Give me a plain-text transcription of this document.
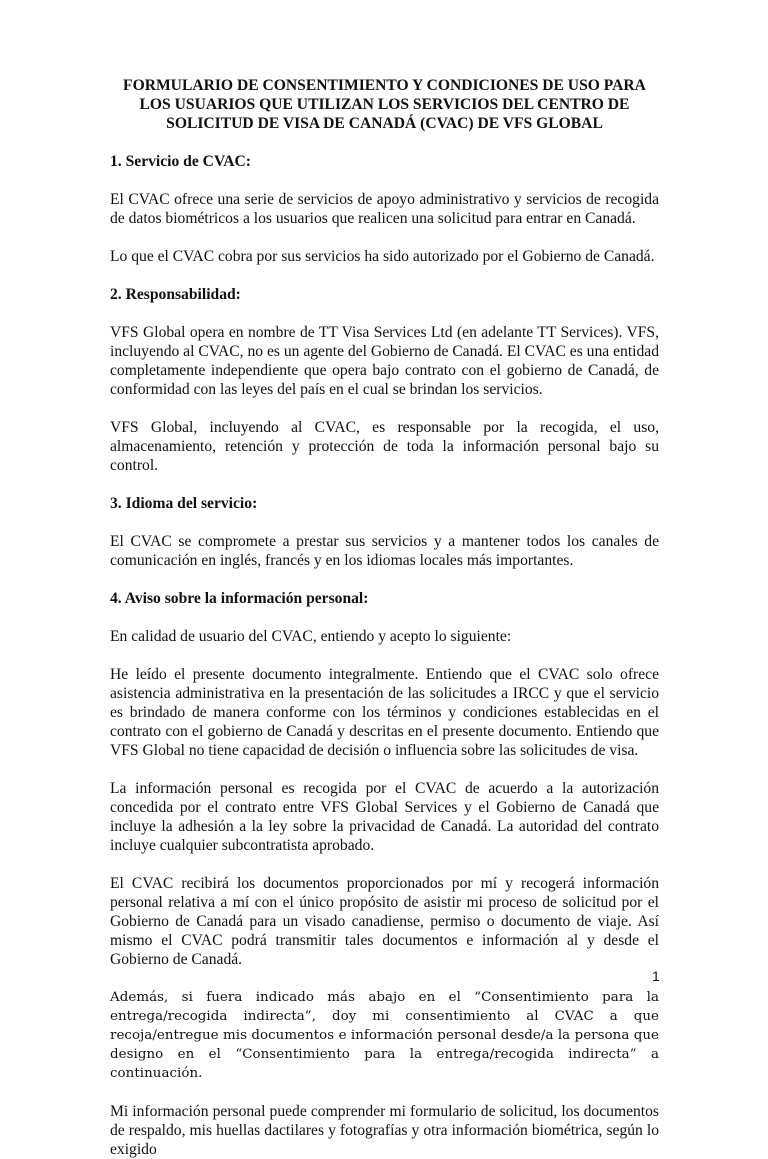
FORMULARIO DE CONSENTIMIENTO Y CONDICIONES DE USO PARA LOS USUARIOS QUE UTILIZAN LOS SERVICIOS DEL CENTRO DE SOLICITUD DE VISA DE CANADÁ (CVAC) DE VFS GLOBAL
1. Servicio de CVAC:

El CVAC ofrece una serie de servicios de apoyo administrativo y servicios de recogida de datos biométricos a los usuarios que realicen una solicitud para entrar en Canadá.

Lo que el CVAC cobra por sus servicios ha sido autorizado por el Gobierno de Canadá.

2. Responsabilidad:

VFS Global opera en nombre de TT Visa Services Ltd (en adelante TT Services). VFS, incluyendo al CVAC, no es un agente del Gobierno de Canadá. El CVAC es una entidad completamente independiente que opera bajo contrato con el gobierno de Canadá, de conformidad con las leyes del país en el cual se brindan los servicios.

VFS Global, incluyendo al CVAC, es responsable por la recogida, el uso, almacenamiento, retención y protección de toda la información personal bajo su control.

3. Idioma del servicio:

El CVAC se compromete a prestar sus servicios y a mantener todos los canales de comunicación en inglés, francés y en los idiomas locales más importantes.

4. Aviso sobre la información personal:

En calidad de usuario del CVAC, entiendo y acepto lo siguiente:

He leído el presente documento integralmente. Entiendo que el CVAC solo ofrece asistencia administrativa en la presentación de las solicitudes a IRCC y que el servicio es brindado de manera conforme con los términos y condiciones establecidas en el contrato con el gobierno de Canadá y descritas en el presente documento. Entiendo que VFS Global no tiene capacidad de decisión o influencia sobre las solicitudes de visa.

La información personal es recogida por el CVAC de acuerdo a la autorización concedida por el contrato entre VFS Global Services y el Gobierno de Canadá que incluye la adhesión a la ley sobre la privacidad de Canadá. La autoridad del contrato incluye cualquier subcontratista aprobado.

El CVAC recibirá los documentos proporcionados por mí y recogerá información personal relativa a mí con el único propósito de asistir mi proceso de solicitud por el Gobierno de Canadá para un visado canadiense, permiso o documento de viaje. Así mismo el CVAC podrá transmitir tales documentos e información al y desde el Gobierno de Canadá.

Además, si fuera indicado más abajo en el “Consentimiento para la entrega/recogida indirecta”, doy mi consentimiento al CVAC a que recoja/entregue mis documentos e información personal desde/a la persona que designo en el “Consentimiento para la entrega/recogida indirecta” a continuación.

Mi información personal puede comprender mi formulario de solicitud, los documentos de respaldo, mis huellas dactilares y fotografías y otra información biométrica, según lo exigido

1
